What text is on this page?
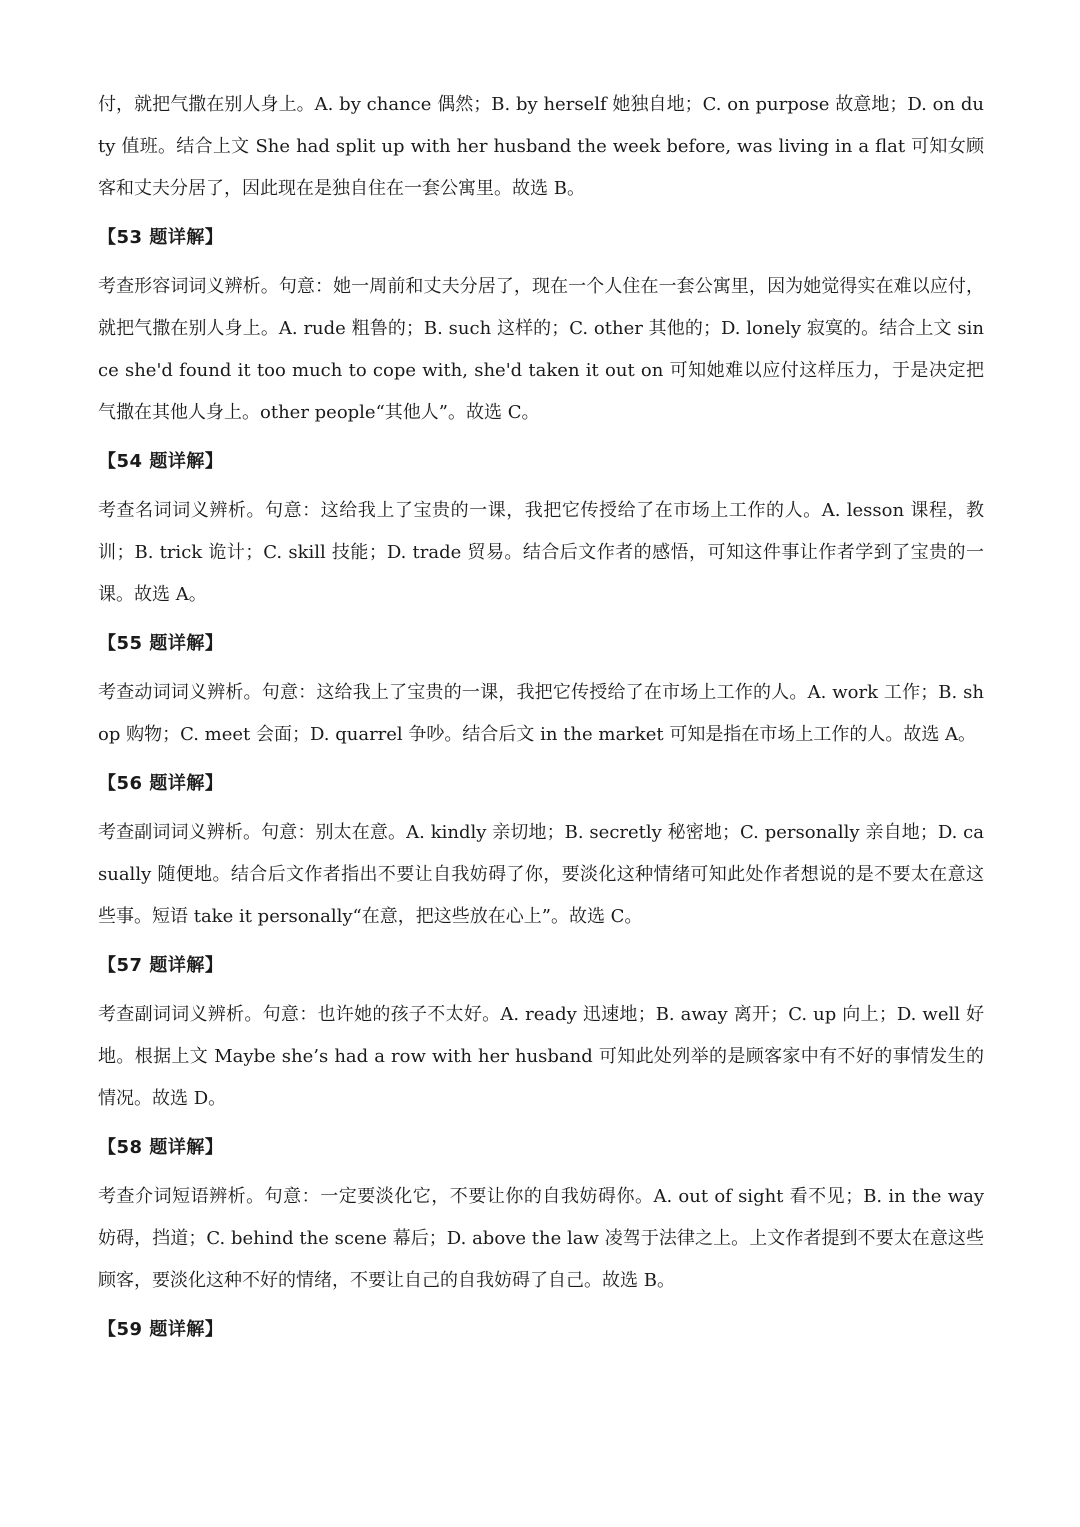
付，就把气撒在别人身上。A. by chance 偶然；B. by herself 她独自地；C. on purpose 故意地；D. on duty 值班。结合上文 She had split up with her husband the week before, was living in a flat 可知女顾客和丈夫分居了，因此现在是独自住在一套公寓里。故选 B。

【53 题详解】

考查形容词词义辨析。句意：她一周前和丈夫分居了，现在一个人住在一套公寓里，因为她觉得实在难以应付，就把气撒在别人身上。A. rude 粗鲁的；B. such 这样的；C. other 其他的；D. lonely 寂寞的。结合上文 since she'd found it too much to cope with, she'd taken it out on 可知她难以应付这样压力，于是决定把气撒在其他人身上。other people“其他人”。故选 C。

【54 题详解】

考查名词词义辨析。句意：这给我上了宝贵的一课，我把它传授给了在市场上工作的人。A. lesson 课程，教训；B. trick 诡计；C. skill 技能；D. trade 贸易。结合后文作者的感悟，可知这件事让作者学到了宝贵的一课。故选 A。

【55 题详解】

考查动词词义辨析。句意：这给我上了宝贵的一课，我把它传授给了在市场上工作的人。A. work 工作；B. shop 购物；C. meet 会面；D. quarrel 争吵。结合后文 in the market 可知是指在市场上工作的人。故选 A。

【56 题详解】

考查副词词义辨析。句意：别太在意。A. kindly 亲切地；B. secretly 秘密地；C. personally 亲自地；D. casually 随便地。结合后文作者指出不要让自我妨碍了你，要淡化这种情绪可知此处作者想说的是不要太在意这些事。短语 take it personally“在意，把这些放在心上”。故选 C。

【57 题详解】

考查副词词义辨析。句意：也许她的孩子不太好。A. ready 迅速地；B. away 离开；C. up 向上；D. well 好地。根据上文 Maybe she’s had a row with her husband 可知此处列举的是顾客家中有不好的事情发生的情况。故选 D。

【58 题详解】

考查介词短语辨析。句意：一定要淡化它，不要让你的自我妨碍你。A. out of sight 看不见；B. in the way 妨碍，挡道；C. behind the scene 幕后；D. above the law 凌驾于法律之上。上文作者提到不要太在意这些顾客，要淡化这种不好的情绪，不要让自己的自我妨碍了自己。故选 B。

【59 题详解】
